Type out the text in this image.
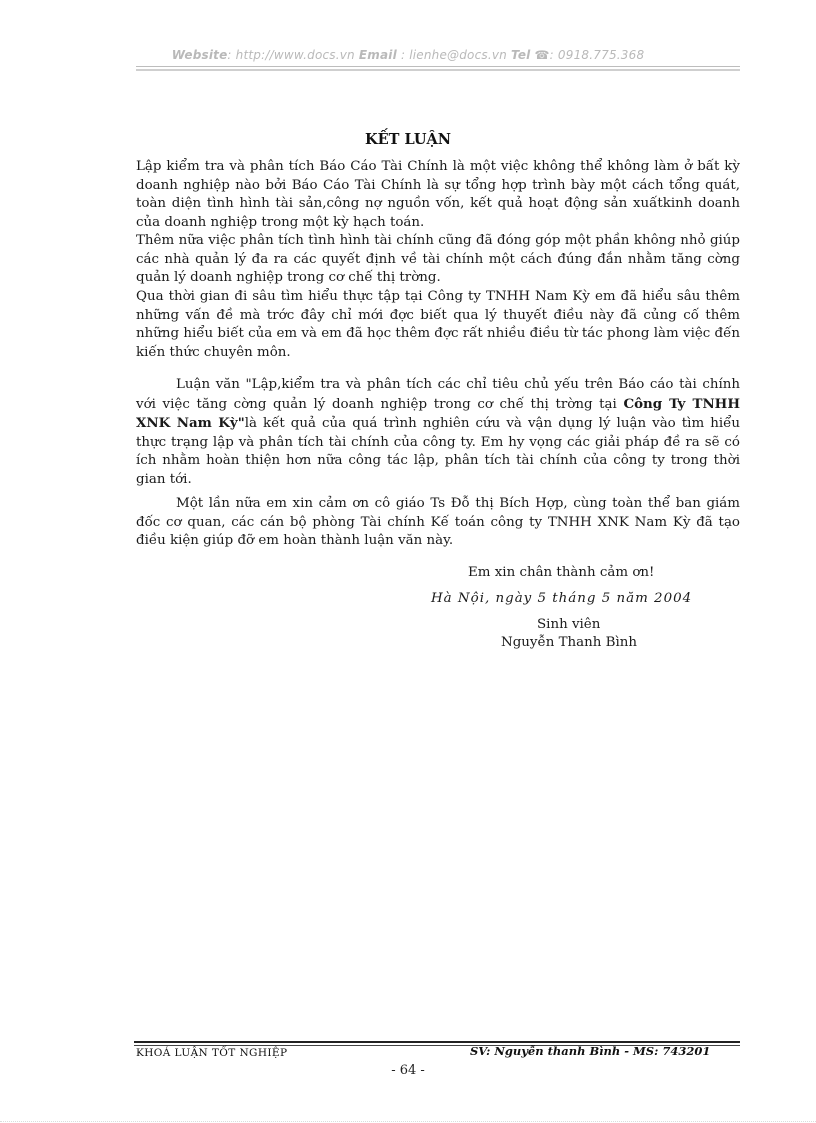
Website: http://www.docs.vn Email : lienhe@docs.vn Tel ☎: 0918.775.368
KẾT LUẬN
Lập kiểm tra và phân tích Báo Cáo Tài Chính là một việc không thể không làm ở bất kỳ doanh nghiệp nào bởi Báo Cáo Tài Chính là sự tổng hợp trình bày một cách tổng quát, toàn diện tình hình tài sản,công nợ nguồn vốn, kết quả hoạt động sản xuấtkinh doanh của doanh nghiệp trong một kỳ hạch toán.
Thêm nữa việc phân tích tình hình tài chính cũng đã đóng góp một phần không nhỏ giúp các nhà quản lý đa ra các quyết định về tài chính một cách đúng đắn nhằm tăng cờng quản lý doanh nghiệp trong cơ chế thị trờng.
Qua thời gian đi sâu tìm hiểu thực tập tại Công ty TNHH Nam Kỳ em đã hiểu sâu thêm những vấn đề mà trớc đây chỉ mới đợc biết qua lý thuyết điều này đã củng cố thêm những hiểu biết của em và em đã học thêm đợc rất nhiều điều từ tác phong làm việc đến kiến thức chuyên môn.
Luận văn "Lập,kiểm tra và phân tích các chỉ tiêu chủ yếu trên Báo cáo tài chính với việc tăng cờng quản lý doanh nghiệp trong cơ chế thị trờng tại Công Ty TNHH XNK Nam Kỳ"là kết quả của quá trình nghiên cứu và vận dụng lý luận vào tìm hiểu thực trạng lập và phân tích tài chính của công ty. Em hy vọng các giải pháp đề ra sẽ có ích nhằm hoàn thiện hơn nữa công tác lập, phân tích tài chính của công ty trong thời gian tới.
Một lần nữa em xin cảm ơn cô giáo Ts Đỗ thị Bích Hợp, cùng toàn thể ban giám đốc cơ quan, các cán bộ phòng Tài chính Kế toán công ty TNHH XNK Nam Kỳ đã tạo điều kiện giúp đỡ em hoàn thành luận văn này.
Em xin chân thành cảm ơn!
Hà Nội, ngày 5 tháng 5 năm 2004
Sinh viên
Nguyễn Thanh Bình
KHOÁ LUẬN TỐT NGHIỆP	SV: Nguyễn thanh Bình - MS: 743201
- 64 -
